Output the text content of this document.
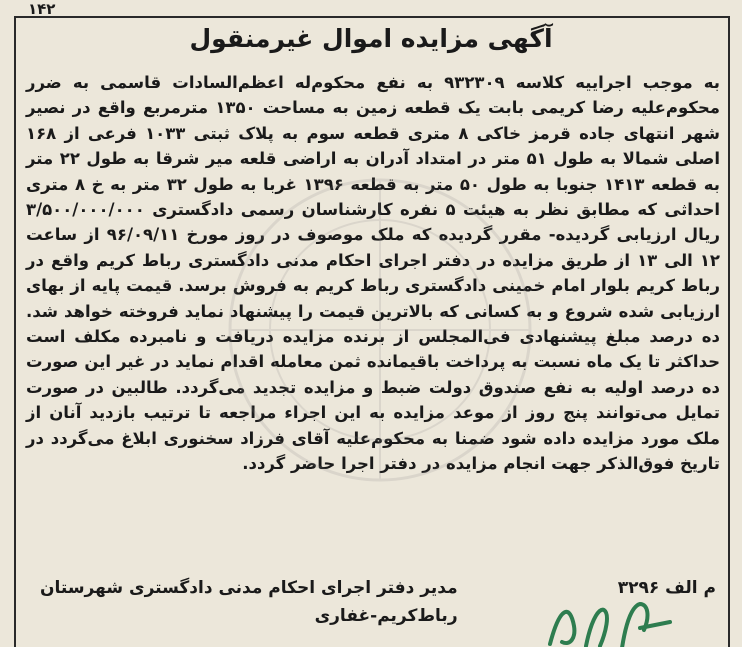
۱۴۲
آگهی مزایده اموال غیرمنقول
به موجب اجراییه کلاسه ۹۳۲۳۰۹ به نفع محکوم‌له اعظم‌السادات قاسمی به ضرر محکوم‌علیه رضا کریمی بابت یک قطعه زمین به مساحت ۱۳۵۰ مترمربع واقع در نصیر شهر انتهای جاده قرمز خاکی ۸ متری قطعه سوم به پلاک ثبتی ۱۰۳۳ فرعی از ۱۶۸ اصلی شمالا به طول ۵۱ متر در امتداد آدران به اراضی قلعه میر شرقا به طول ۲۲ متر به قطعه ۱۴۱۳ جنوبا به طول ۵۰ متر به قطعه ۱۳۹۶ غربا به طول ۳۲ متر به خ ۸ متری احداثی که مطابق نظر به هیئت ۵ نفره کارشناسان رسمی دادگستری ۳/۵۰۰/۰۰۰/۰۰۰ ریال ارزیابی گردیده- مقرر گردیده که ملک موصوف در روز مورخ ۹۶/۰۹/۱۱ از ساعت ۱۲ الی ۱۳ از طریق مزایده در دفتر اجرای احکام مدنی دادگستری رباط کریم واقع در رباط کریم بلوار امام خمینی دادگستری رباط کریم به فروش برسد. قیمت پایه از بهای ارزیابی شده شروع و به کسانی که بالاترین قیمت را پیشنهاد نماید فروخته خواهد شد. ده درصد مبلغ پیشنهادی فی‌المجلس از برنده مزایده دریافت و نامبرده مکلف است حداکثر تا یک ماه نسبت به پرداخت باقیمانده ثمن معامله اقدام نماید در غیر این صورت ده درصد اولیه به نفع صندوق دولت ضبط و مزایده تجدید می‌گردد. طالبین در صورت تمایل می‌توانند پنج روز از موعد مزایده به این اجراء مراجعه تا ترتیب بازدید آنان از ملک مورد مزایده داده شود ضمنا به محکوم‌علیه آقای فرزاد سخنوری ابلاغ می‌گردد در تاریخ فوق‌الذکر جهت انجام مزایده در دفتر اجرا حاضر گردد.
م الف ۳۲۹۶
مدیر دفتر اجرای احکام مدنی دادگستری شهرستان
رباط‌کریم-غفاری
